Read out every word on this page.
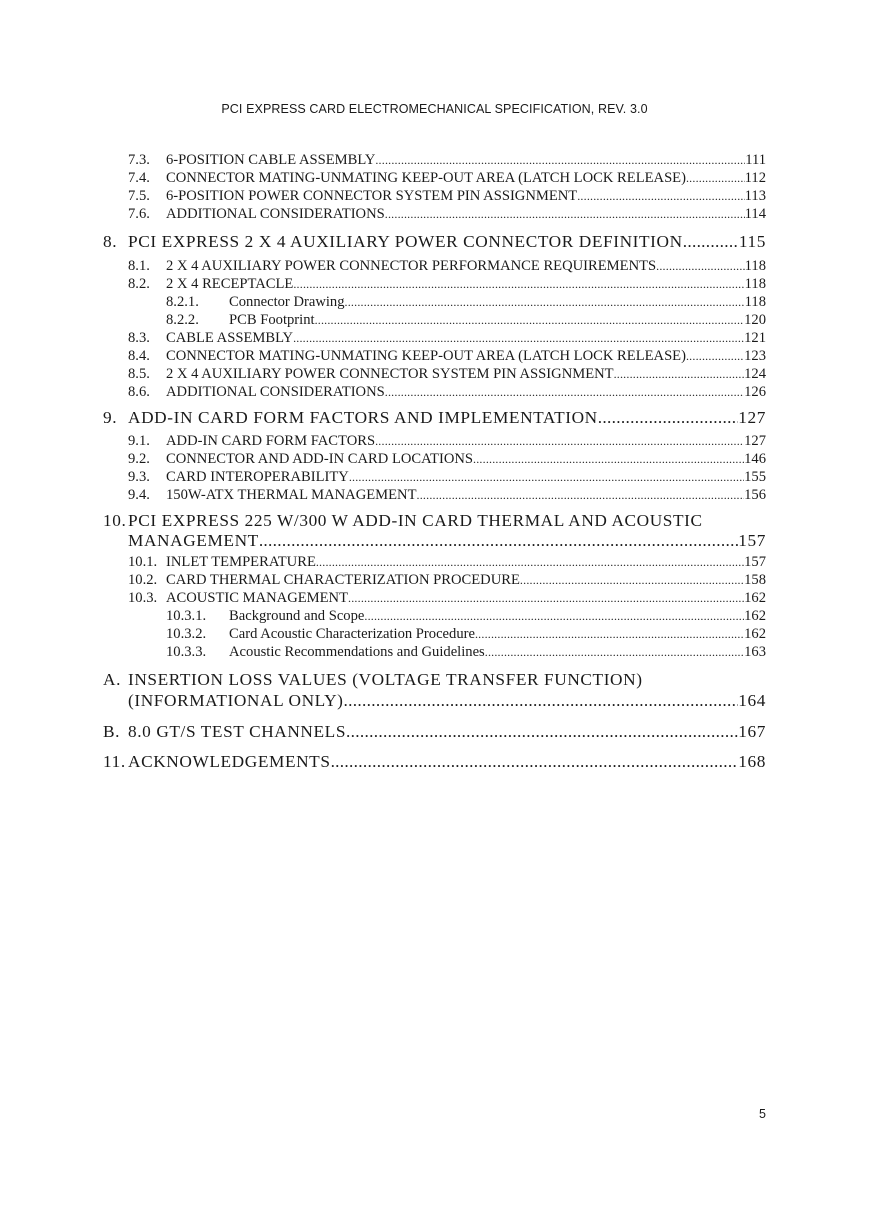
PCI EXPRESS CARD ELECTROMECHANICAL SPECIFICATION, REV. 3.0
7.3.	6-POSITION CABLE ASSEMBLY .....	111
7.4.	CONNECTOR MATING-UNMATING KEEP-OUT AREA (LATCH LOCK RELEASE) .....	112
7.5.	6-POSITION POWER CONNECTOR SYSTEM PIN ASSIGNMENT .....	113
7.6.	ADDITIONAL CONSIDERATIONS .....	114
8. PCI EXPRESS 2 X 4 AUXILIARY POWER CONNECTOR DEFINITION .....	115
8.1.	2 X 4 AUXILIARY POWER CONNECTOR PERFORMANCE REQUIREMENTS .....	118
8.2.	2 X 4 RECEPTACLE .....	118
8.2.1.	Connector Drawing .....	118
8.2.2.	PCB Footprint .....	120
8.3.	CABLE ASSEMBLY .....	121
8.4.	CONNECTOR MATING-UNMATING KEEP-OUT AREA (LATCH LOCK RELEASE) .....	123
8.5.	2 X 4 AUXILIARY POWER CONNECTOR SYSTEM PIN ASSIGNMENT .....	124
8.6.	ADDITIONAL CONSIDERATIONS .....	126
9. ADD-IN CARD FORM FACTORS AND IMPLEMENTATION .....	127
9.1.	ADD-IN CARD FORM FACTORS .....	127
9.2.	CONNECTOR AND ADD-IN CARD LOCATIONS .....	146
9.3.	CARD INTEROPERABILITY .....	155
9.4.	150W-ATX THERMAL MANAGEMENT .....	156
10.PCI EXPRESS 225 W/300 W ADD-IN CARD THERMAL AND ACOUSTIC
MANAGEMENT .....	157
10.1. INLET TEMPERATURE .....	157
10.2. CARD THERMAL CHARACTERIZATION PROCEDURE .....	158
10.3. ACOUSTIC MANAGEMENT .....	162
10.3.1.	Background and Scope .....	162
10.3.2.	Card Acoustic Characterization Procedure .....	162
10.3.3.	Acoustic Recommendations and Guidelines .....	163
A. INSERTION LOSS VALUES (VOLTAGE TRANSFER FUNCTION)
(INFORMATIONAL ONLY) .....	164
B. 8.0 GT/S TEST CHANNELS .....	167
11. ACKNOWLEDGEMENTS .....	168
5
